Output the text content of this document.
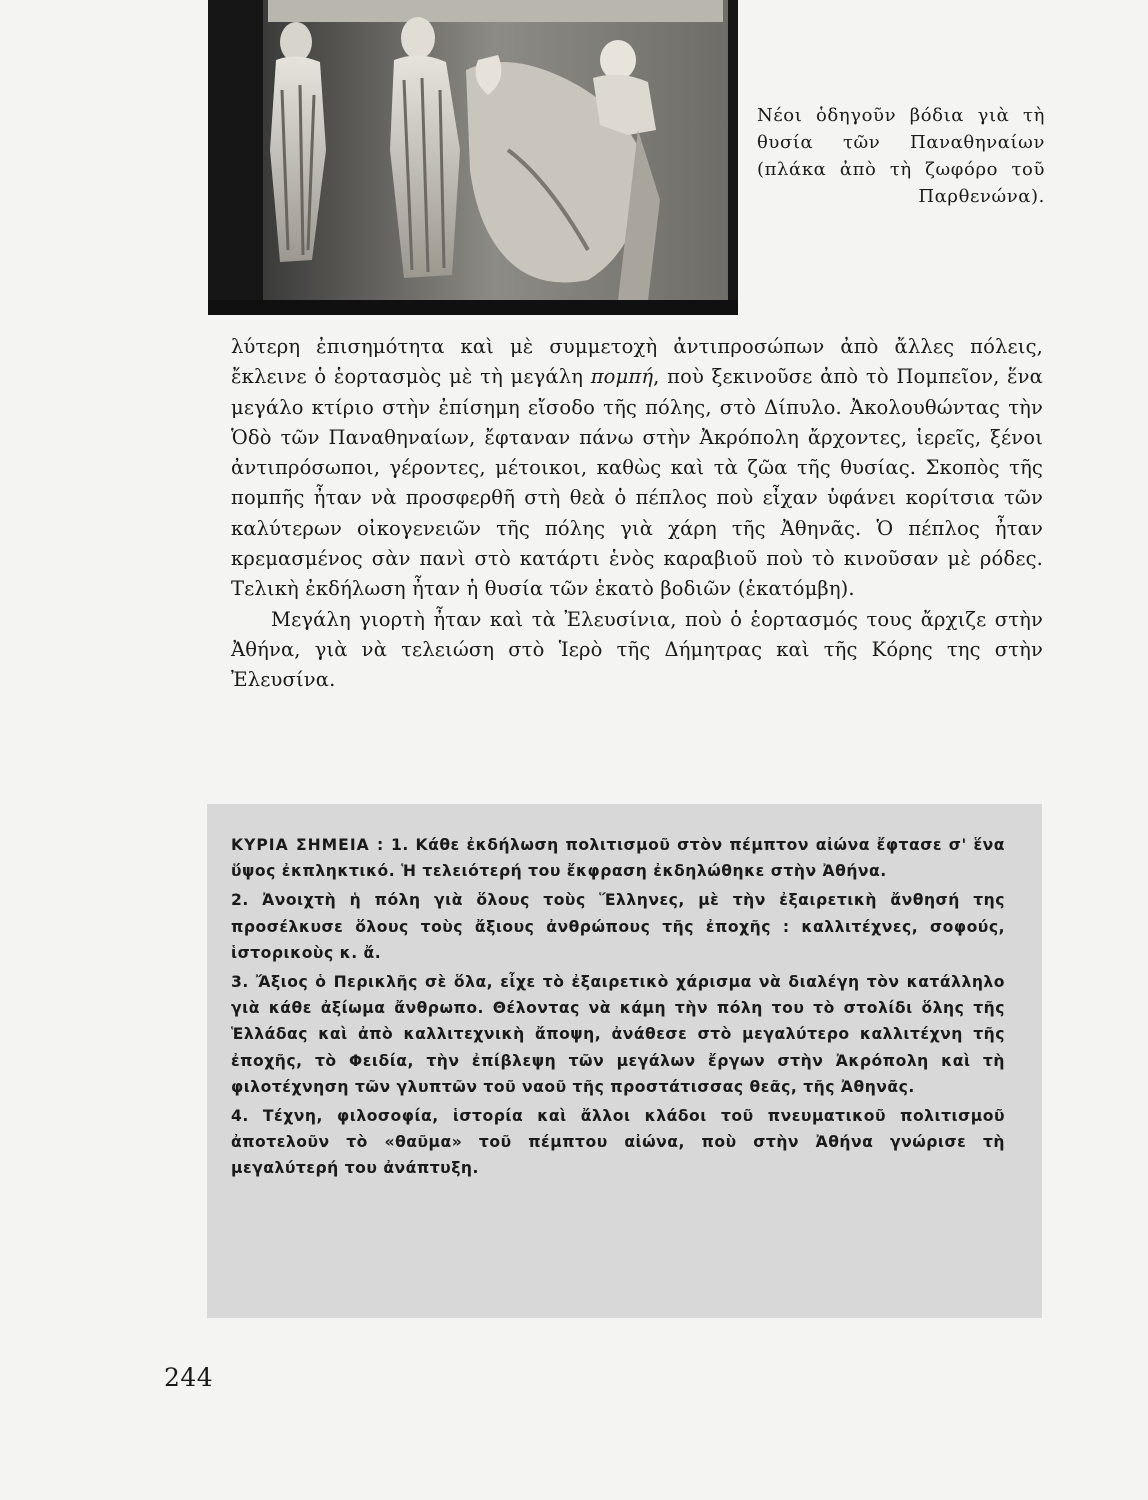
Νέοι ὁδηγοῦν βόδια γιὰ τὴ θυσία τῶν Παναθηναίων (πλάκα ἀπὸ τὴ ζωφόρο τοῦ Παρθενώνα).

λύτερη ἐπισημότητα καὶ μὲ συμμετοχὴ ἀντιπροσώπων ἀπὸ ἄλλες πόλεις, ἔκλεινε ὁ ἑορτασμὸς μὲ τὴ μεγάλη πομπή, ποὺ ξεκινοῦσε ἀπὸ τὸ Πομπεῖον, ἕνα μεγάλο κτίριο στὴν ἐπίσημη εἴσοδο τῆς πόλης, στὸ Δίπυλο. Ἀκολουθώντας τὴν Ὁδὸ τῶν Παναθηναίων, ἔφταναν πάνω στὴν Ἀκρόπολη ἄρχοντες, ἱερεῖς, ξένοι ἀντιπρόσωποι, γέροντες, μέτοικοι, καθὼς καὶ τὰ ζῶα τῆς θυσίας. Σκοπὸς τῆς πομπῆς ἦταν νὰ προσφερθῆ στὴ θεὰ ὁ πέπλος ποὺ εἶχαν ὑφάνει κορίτσια τῶν καλύτερων οἰκογενειῶν τῆς πόλης γιὰ χάρη τῆς Ἀθηνᾶς. Ὁ πέπλος ἦταν κρεμασμένος σὰν πανὶ στὸ κατάρτι ἑνὸς καραβιοῦ ποὺ τὸ κινοῦσαν μὲ ρόδες. Τελικὴ ἐκδήλωση ἦταν ἡ θυσία τῶν ἑκατὸ βοδιῶν (ἑκατόμβη).

Μεγάλη γιορτὴ ἦταν καὶ τὰ Ἐλευσίνια, ποὺ ὁ ἑορτασμός τους ἄρχιζε στὴν Ἀθήνα, γιὰ νὰ τελειώση στὸ Ἱερὸ τῆς Δήμητρας καὶ τῆς Κόρης της στὴν Ἐλευσίνα.

ΚΥΡΙΑ ΣΗΜΕΙΑ : 1. Κάθε ἐκδήλωση πολιτισμοῦ στὸν πέμπτον αἰώνα ἔφτασε σ' ἕνα ὕψος ἐκπληκτικό. Ἡ τελειότερή του ἔκφραση ἐκδηλώθηκε στὴν Ἀθήνα.

2. Ἀνοιχτὴ ἡ πόλη γιὰ ὅλους τοὺς Ἕλληνες, μὲ τὴν ἐξαιρετικὴ ἄνθησή της προσέλκυσε ὅλους τοὺς ἄξιους ἀνθρώπους τῆς ἐποχῆς : καλλιτέχνες, σοφούς, ἱστορικοὺς κ. ἄ.

3. Ἄξιος ὁ Περικλῆς σὲ ὅλα, εἶχε τὸ ἐξαιρετικὸ χάρισμα νὰ διαλέγη τὸν κατάλληλο γιὰ κάθε ἀξίωμα ἄνθρωπο. Θέλοντας νὰ κάμη τὴν πόλη του τὸ στολίδι ὅλης τῆς Ἑλλάδας καὶ ἀπὸ καλλιτεχνικὴ ἄποψη, ἀνάθεσε στὸ μεγαλύτερο καλλιτέχνη τῆς ἐποχῆς, τὸ Φειδία, τὴν ἐπίβλεψη τῶν μεγάλων ἔργων στὴν Ἀκρόπολη καὶ τὴ φιλοτέχνηση τῶν γλυπτῶν τοῦ ναοῦ τῆς προστάτισσας θεᾶς, τῆς Ἀθηνᾶς.

4. Τέχνη, φιλοσοφία, ἱστορία καὶ ἄλλοι κλάδοι τοῦ πνευματικοῦ πολιτισμοῦ ἀποτελοῦν τὸ «θαῦμα» τοῦ πέμπτου αἰώνα, ποὺ στὴν Ἀθήνα γνώρισε τὴ μεγαλύτερή του ἀνάπτυξη.

244
